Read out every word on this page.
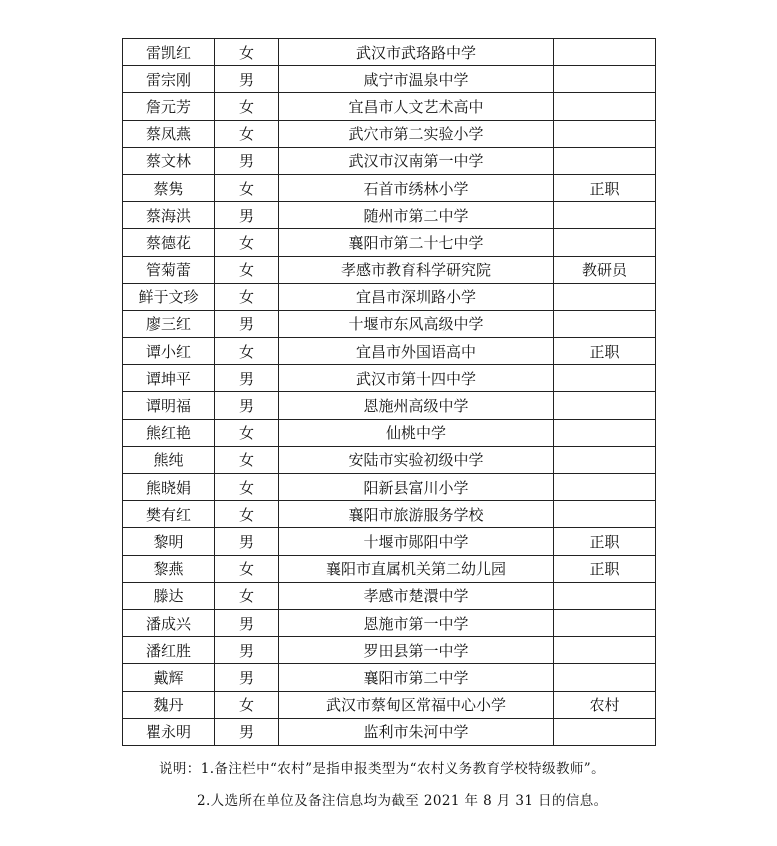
雷凯红	女	武汉市武珞路中学	
雷宗刚	男	咸宁市温泉中学	
詹元芳	女	宜昌市人文艺术高中	
蔡凤燕	女	武穴市第二实验小学	
蔡文林	男	武汉市汉南第一中学	
蔡隽	女	石首市绣林小学	正职
蔡海洪	男	随州市第二中学	
蔡德花	女	襄阳市第二十七中学	
管菊蕾	女	孝感市教育科学研究院	教研员
鲜于文珍	女	宜昌市深圳路小学	
廖三红	男	十堰市东风高级中学	
谭小红	女	宜昌市外国语高中	正职
谭坤平	男	武汉市第十四中学	
谭明福	男	恩施州高级中学	
熊红艳	女	仙桃中学	
熊纯	女	安陆市实验初级中学	
熊晓娟	女	阳新县富川小学	
樊有红	女	襄阳市旅游服务学校	
黎明	男	十堰市郧阳中学	正职
黎燕	女	襄阳市直属机关第二幼儿园	正职
滕达	女	孝感市楚澴中学	
潘成兴	男	恩施市第一中学	
潘红胜	男	罗田县第一中学	
戴辉	男	襄阳市第二中学	
魏丹	女	武汉市蔡甸区常福中心小学	农村
瞿永明	男	监利市朱河中学	
说明：1.备注栏中“农村”是指申报类型为“农村义务教育学校特级教师”。
2.人选所在单位及备注信息均为截至 2021 年 8 月 31 日的信息。
